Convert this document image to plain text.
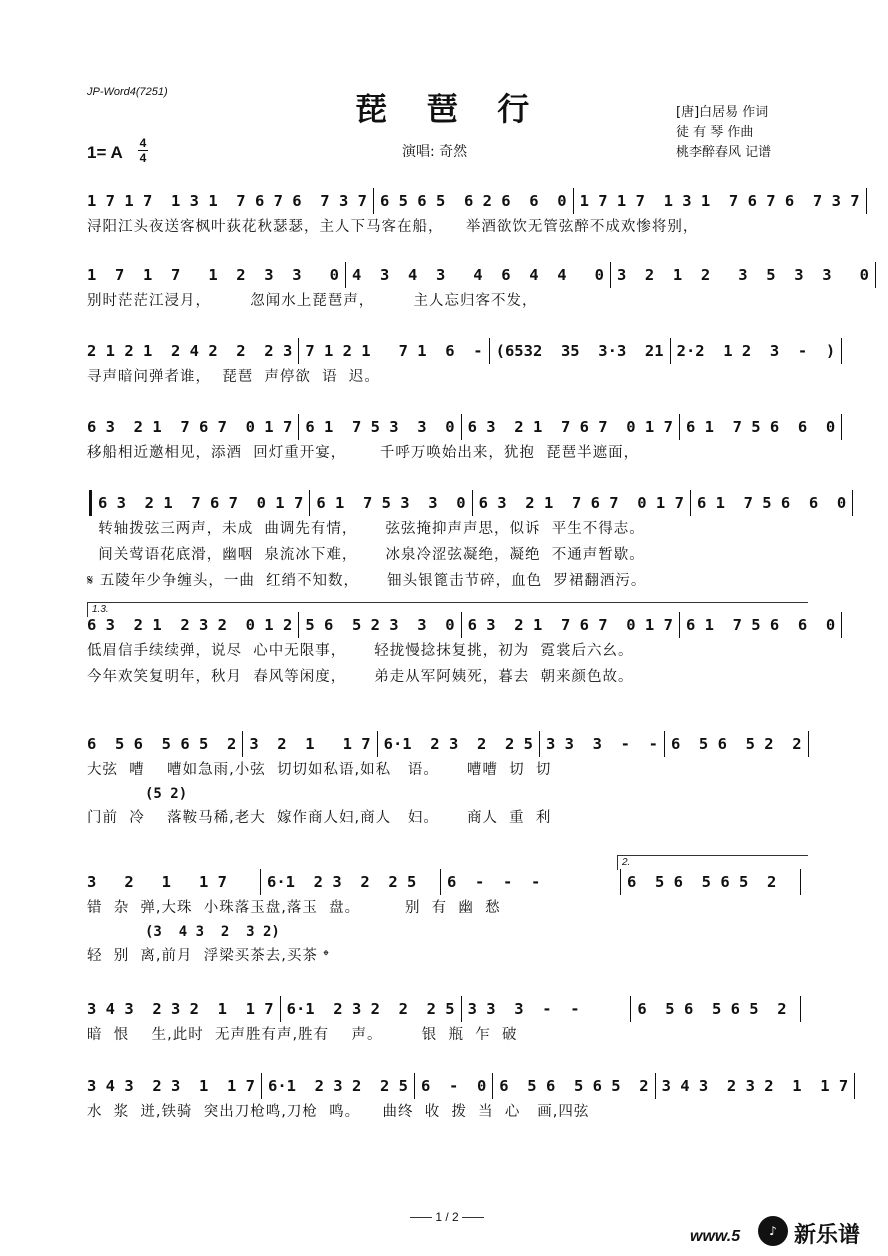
JP-Word4(7251)	琵 琶 行	[唐]白居易 作词
徒 有 琴 作曲
桃李醉春风 记谱
1= A 4
4	演唱: 奇然
1 7 1 7  1 3 1  7 6 7 6  7 3 7 6 5 6 5  6 2 6  6  0 1 7 1 7  1 3 1  7 6 7 6  7 3 7
浔阳江头夜送客枫叶荻花秋瑟瑟，主人下马客在船，    举酒欲饮无管弦醉不成欢惨将别，
1  7  1  7   1  2  3  3   0 4  3  4  3   4  6  4  4   0 3  2  1  2   3  5  3  3   0
别时茫茫江浸月，       忽闻水上琵琶声，       主人忘归客不发，
2 1 2 1  2 4 2  2  2 3 7 1 2 1   7 1  6  - (6532  35  3·3  21 2·2  1 2  3  -  )
寻声暗问弹者谁，  琵琶  声停欲  语  迟。
6 3  2 1  7 6 7  0 1 7 6 1  7 5 3  3  0 6 3  2 1  7 6 7  0 1 7 6 1  7 5 6  6  0
移船相近邀相见，添酒  回灯重开宴，      千呼万唤始出来，犹抱  琵琶半遮面，
6 3  2 1  7 6 7  0 1 7 6 1  7 5 3  3  0 6 3  2 1  7 6 7  0 1 7 6 1  7 5 6  6  0
转轴拨弦三两声，未成  曲调先有情，     弦弦掩抑声声思，似诉  平生不得志。
间关莺语花底滑，幽咽  泉流冰下难，     冰泉冷涩弦凝绝，凝绝  不通声暂歇。
𝄋 五陵年少争缠头，一曲  红绡不知数，     钿头银篦击节碎，血色  罗裙翻酒污。
1.3.
6 3  2 1  2 3 2  0 1 2 5 6  5 2 3  3  0 6 3  2 1  7 6 7  0 1 7 6 1  7 5 6  6  0
低眉信手续续弹，说尽  心中无限事，     轻拢慢捻抹复挑，初为  霓裳后六幺。
今年欢笑复明年，秋月  春风等闲度，     弟走从军阿姨死，暮去  朝来颜色故。
6  5 6  5 6 5  2 3  2  1   1 7 6·1  2 3  2  2 5 3 3  3  -  - 6  5 6  5 2  2
大弦  嘈    嘈如急雨,小弦  切切如私语,如私   语。     嘈嘈  切  切
(5 2)
门前  冷    落鞍马稀,老大  嫁作商人妇,商人   妇。     商人  重  利
2.
3   2   1   1 7	6·1  2 3  2  2 5	6  -  -  -	6  5 6  5 6 5  2
错  杂  弹,大珠  小珠落玉盘,落玉  盘。        别  有  幽  愁
(3  4 3  2  3 2)
轻  别  离,前月  浮梁买茶去,买茶 𝄌
3 4 3  2 3 2  1  1 7 6·1  2 3 2  2  2 5 3 3  3  -  -	6  5 6  5 6 5  2
暗  恨    生,此时  无声胜有声,胜有    声。       银  瓶  乍  破
3 4 3  2 3  1  1 7 6·1  2 3 2  2 5 6  -  0 6  5 6  5 6 5  2 3 4 3  2 3 2  1  1 7
水  浆  迸,铁骑  突出刀枪鸣,刀枪  鸣。    曲终  收  拨  当  心   画,四弦
1 / 2
www.5	♪ 新乐谱
